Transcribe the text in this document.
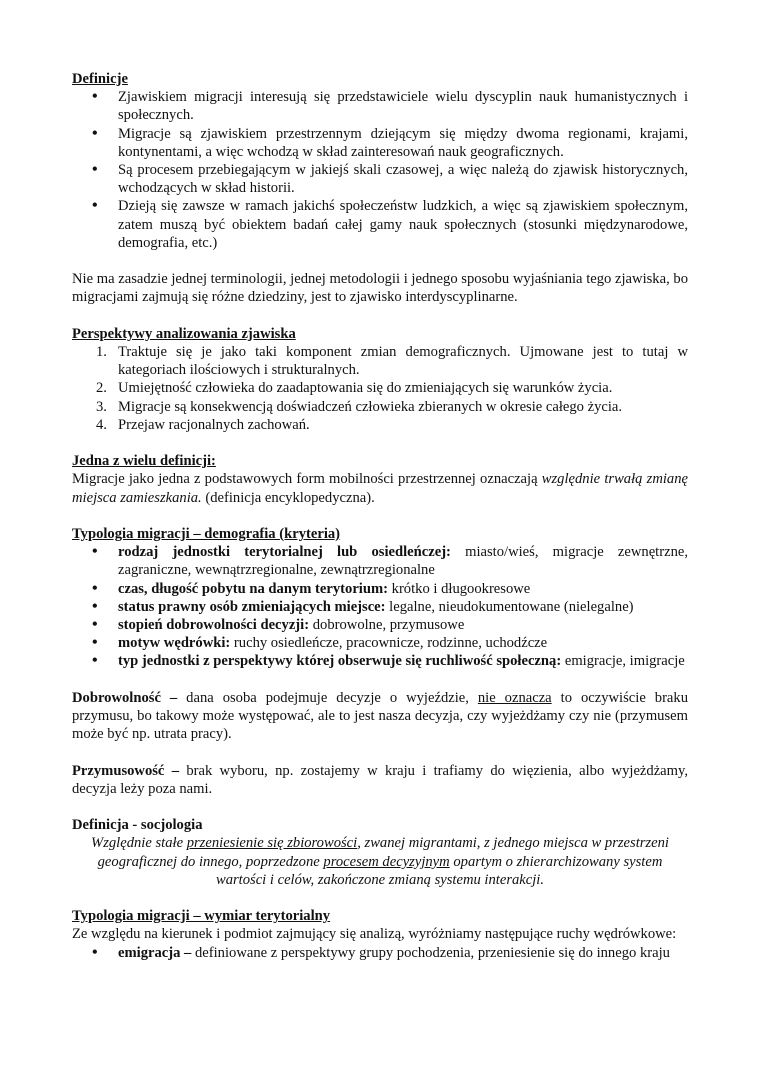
Definicje

• Zjawiskiem migracji interesują się przedstawiciele wielu dyscyplin nauk humanistycznych i społecznych.
• Migracje są zjawiskiem przestrzennym dziejącym się między dwoma regionami, krajami, kontynentami, a więc wchodzą w skład zainteresowań nauk geograficznych.
• Są procesem przebiegającym w jakiejś skali czasowej, a więc należą do zjawisk historycznych, wchodzących w skład historii.
• Dzieją się zawsze w ramach jakichś społeczeństw ludzkich, a więc są zjawiskiem społecznym, zatem muszą być obiektem badań całej gamy nauk społecznych (stosunki międzynarodowe, demografia, etc.)

Nie ma zasadzie jednej terminologii, jednej metodologii i jednego sposobu wyjaśniania tego zjawiska, bo migracjami zajmują się różne dziedziny, jest to zjawisko interdyscyplinarne.

Perspektywy analizowania zjawiska

1. Traktuje się je jako taki komponent zmian demograficznych. Ujmowane jest to tutaj w kategoriach ilościowych i strukturalnych.
2. Umiejętność człowieka do zaadaptowania się do zmieniających się warunków życia.
3. Migracje są konsekwencją doświadczeń człowieka zbieranych w okresie całego życia.
4. Przejaw racjonalnych zachowań.

Jedna z wielu definicji:

Migracje jako jedna z podstawowych form mobilności przestrzennej oznaczają względnie trwałą zmianę miejsca zamieszkania. (definicja encyklopedyczna).

Typologia migracji – demografia (kryteria)

• rodzaj jednostki terytorialnej lub osiedleńczej: miasto/wieś, migracje zewnętrzne, zagraniczne, wewnątrzregionalne, zewnątrzregionalne
• czas, długość pobytu na danym terytorium: krótko i długookresowe
• status prawny osób zmieniających miejsce: legalne, nieudokumentowane (nielegalne)
• stopień dobrowolności decyzji: dobrowolne, przymusowe
• motyw wędrówki: ruchy osiedleńcze, pracownicze, rodzinne, uchodźcze
• typ jednostki z perspektywy której obserwuje się ruchliwość społeczną: emigracje, imigracje

Dobrowolność – dana osoba podejmuje decyzje o wyjeździe, nie oznacza to oczywiście braku przymusu, bo takowy może występować, ale to jest nasza decyzja, czy wyjeżdżamy czy nie (przymusem może być np. utrata pracy).

Przymusowość – brak wyboru, np. zostajemy w kraju i trafiamy do więzienia, albo wyjeżdżamy, decyzja leży poza nami.

Definicja - socjologia

Względnie stałe przeniesienie się zbiorowości, zwanej migrantami, z jednego miejsca w przestrzeni geograficznej do innego, poprzedzone procesem decyzyjnym opartym o zhierarchizowany system wartości i celów, zakończone zmianą systemu interakcji.

Typologia migracji – wymiar terytorialny

Ze względu na kierunek i podmiot zajmujący się analizą, wyróżniamy następujące ruchy wędrówkowe:

• emigracja – definiowane z perspektywy grupy pochodzenia, przeniesienie się do innego kraju
